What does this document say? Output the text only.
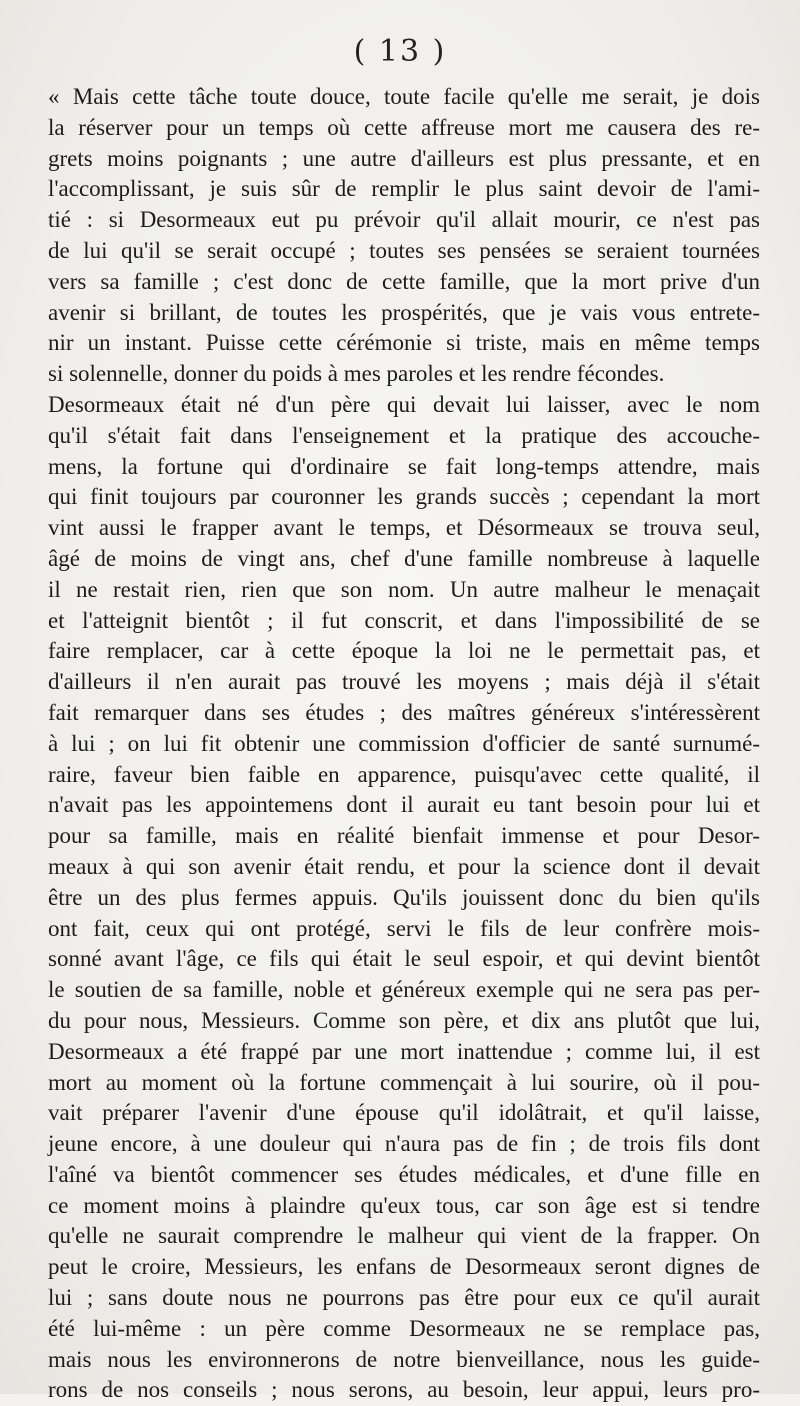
( 13 )
« Mais cette tâche toute douce, toute facile qu'elle me serait, je dois
la réserver pour un temps où cette affreuse mort me causera des re-
grets moins poignants ; une autre d'ailleurs est plus pressante, et en
l'accomplissant, je suis sûr de remplir le plus saint devoir de l'ami-
tié : si Desormeaux eut pu prévoir qu'il allait mourir, ce n'est pas
de lui qu'il se serait occupé ; toutes ses pensées se seraient tournées
vers sa famille ; c'est donc de cette famille, que la mort prive d'un
avenir si brillant, de toutes les prospérités, que je vais vous entrete-
nir un instant. Puisse cette cérémonie si triste, mais en même temps
si solennelle, donner du poids à mes paroles et les rendre fécondes.
Desormeaux était né d'un père qui devait lui laisser, avec le nom
qu'il s'était fait dans l'enseignement et la pratique des accouche-
mens, la fortune qui d'ordinaire se fait long-temps attendre, mais
qui finit toujours par couronner les grands succès ; cependant la mort
vint aussi le frapper avant le temps, et Désormeaux se trouva seul,
âgé de moins de vingt ans, chef d'une famille nombreuse à laquelle
il ne restait rien, rien que son nom. Un autre malheur le menaçait
et l'atteignit bientôt ; il fut conscrit, et dans l'impossibilité de se
faire remplacer, car à cette époque la loi ne le permettait pas, et
d'ailleurs il n'en aurait pas trouvé les moyens ; mais déjà il s'était
fait remarquer dans ses études ; des maîtres généreux s'intéressèrent
à lui ; on lui fit obtenir une commission d'officier de santé surnumé-
raire, faveur bien faible en apparence, puisqu'avec cette qualité, il
n'avait pas les appointemens dont il aurait eu tant besoin pour lui et
pour sa famille, mais en réalité bienfait immense et pour Desor-
meaux à qui son avenir était rendu, et pour la science dont il devait
être un des plus fermes appuis. Qu'ils jouissent donc du bien qu'ils
ont fait, ceux qui ont protégé, servi le fils de leur confrère mois-
sonné avant l'âge, ce fils qui était le seul espoir, et qui devint bientôt
le soutien de sa famille, noble et généreux exemple qui ne sera pas per-
du pour nous, Messieurs. Comme son père, et dix ans plutôt que lui,
Desormeaux a été frappé par une mort inattendue ; comme lui, il est
mort au moment où la fortune commençait à lui sourire, où il pou-
vait préparer l'avenir d'une épouse qu'il idolâtrait, et qu'il laisse,
jeune encore, à une douleur qui n'aura pas de fin ; de trois fils dont
l'aîné va bientôt commencer ses études médicales, et d'une fille en
ce moment moins à plaindre qu'eux tous, car son âge est si tendre
qu'elle ne saurait comprendre le malheur qui vient de la frapper. On
peut le croire, Messieurs, les enfans de Desormeaux seront dignes de
lui ; sans doute nous ne pourrons pas être pour eux ce qu'il aurait
été lui-même : un père comme Desormeaux ne se remplace pas,
mais nous les environnerons de notre bienveillance, nous les guide-
rons de nos conseils ; nous serons, au besoin, leur appui, leurs pro-
